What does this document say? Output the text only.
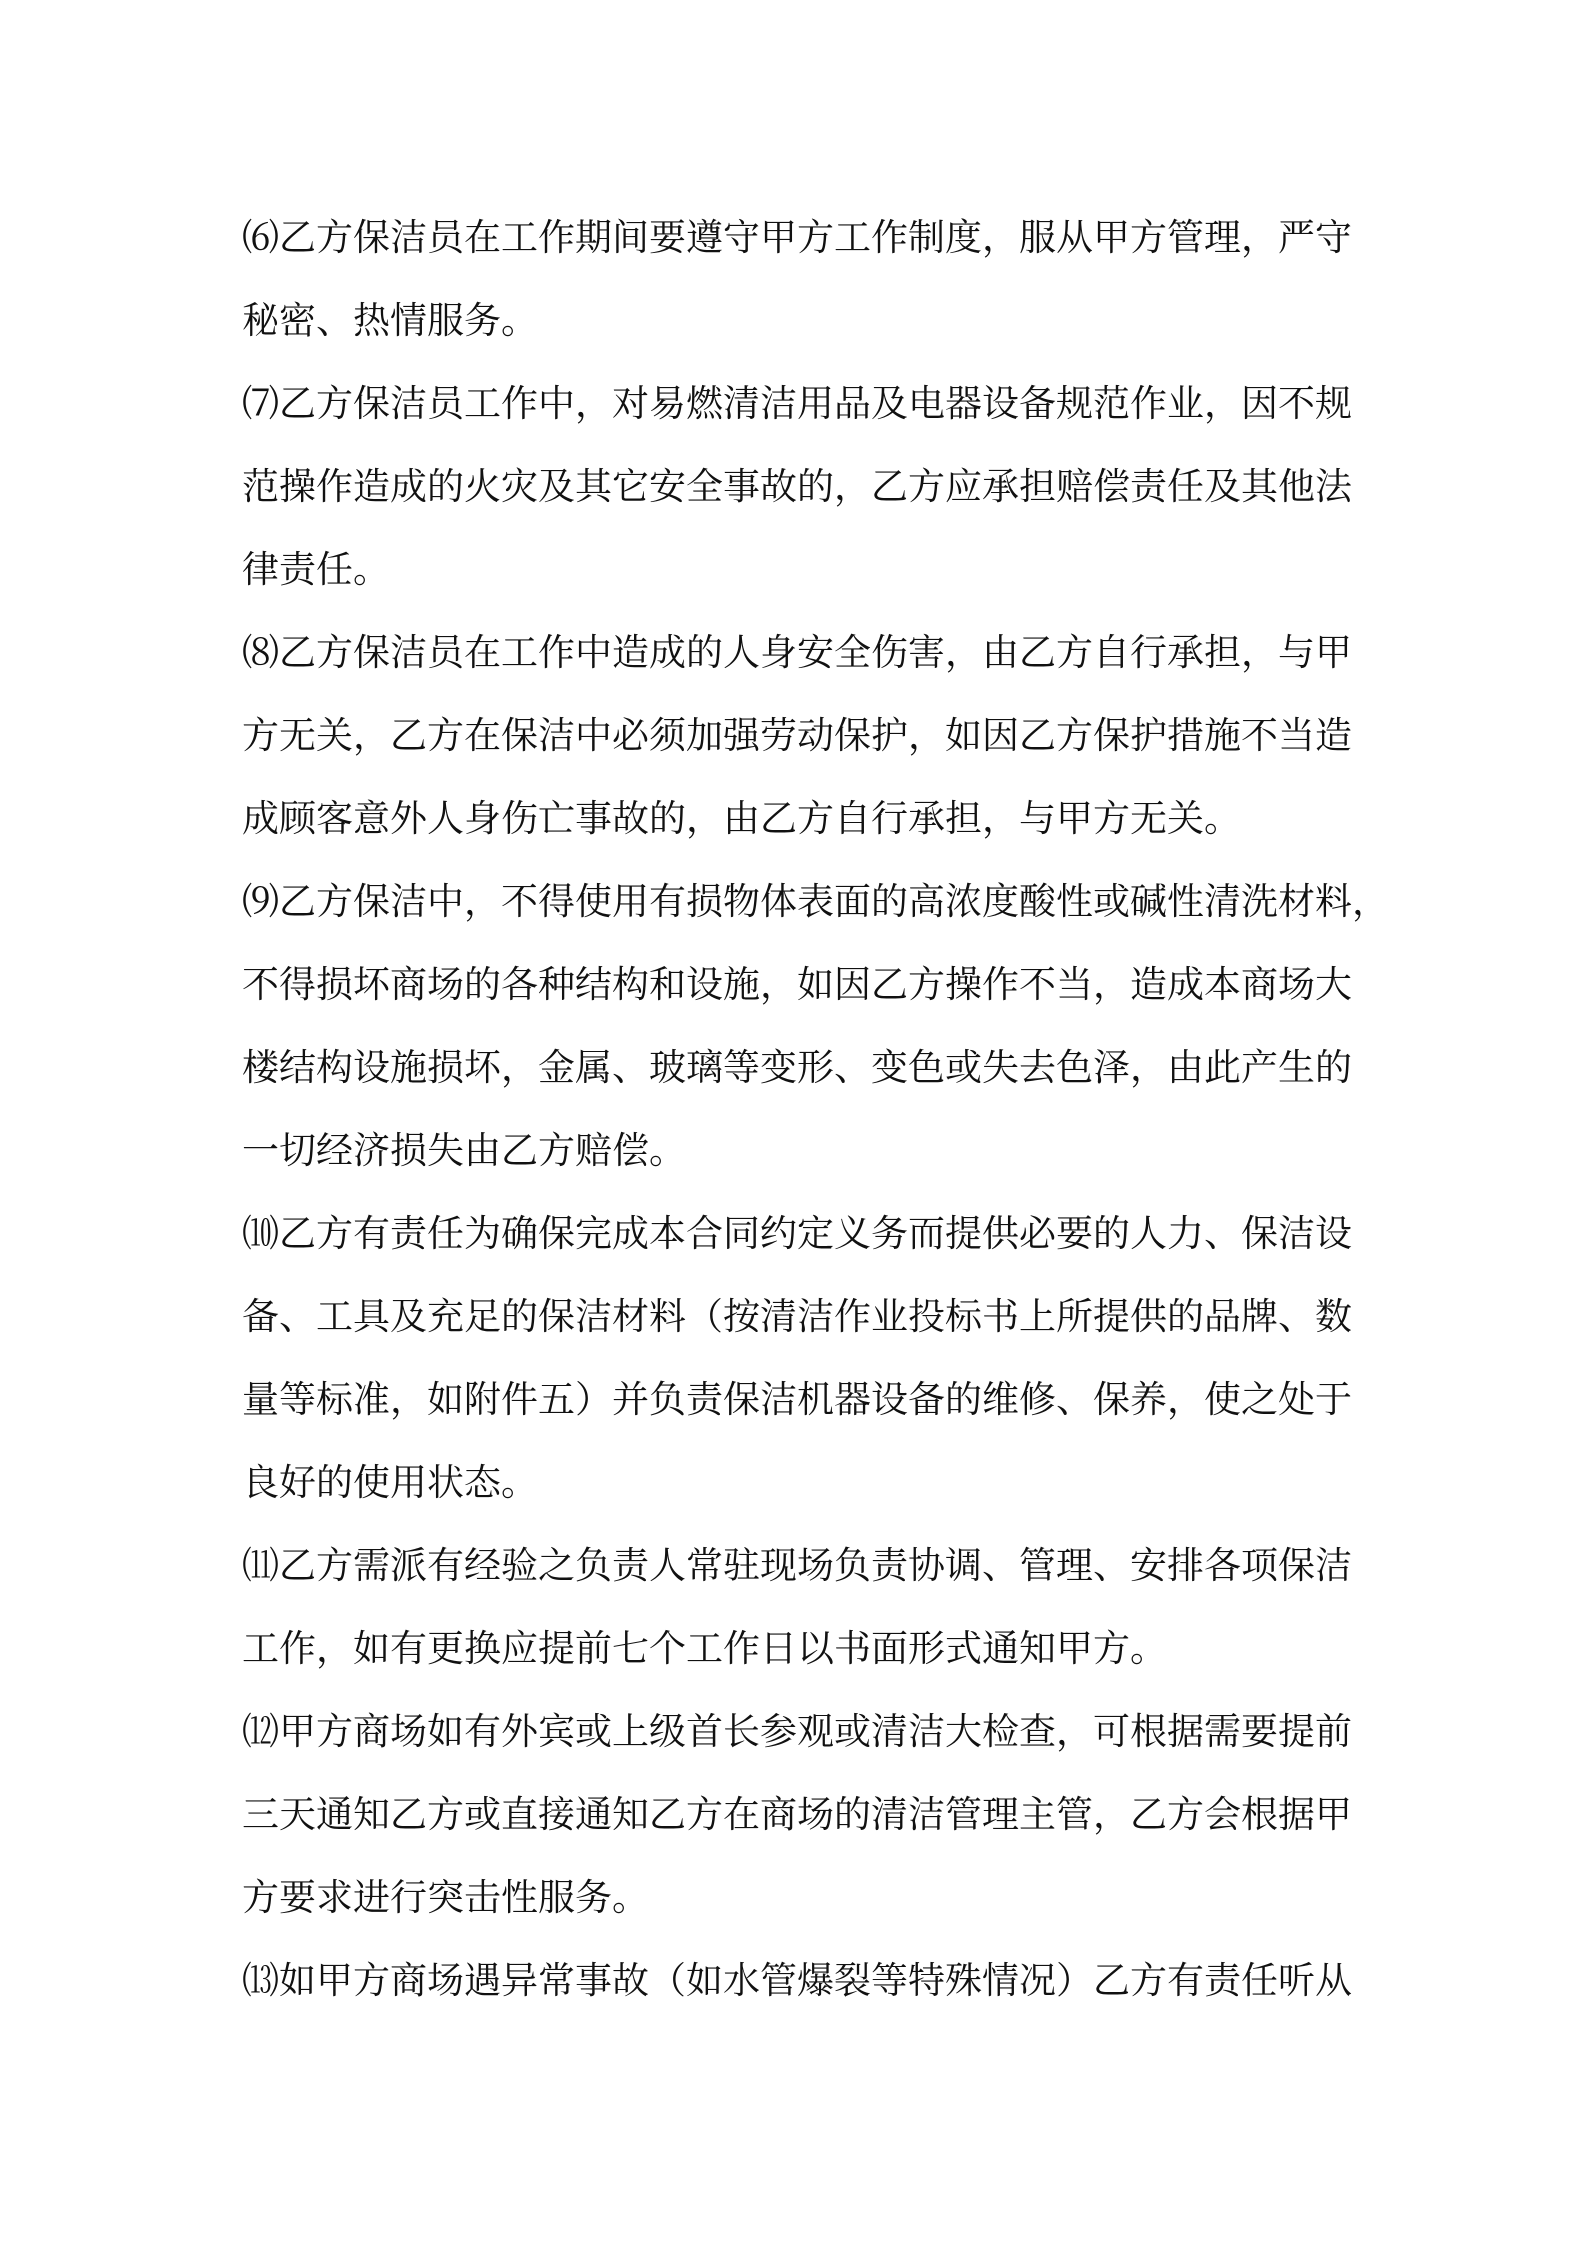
⑹乙方保洁员在工作期间要遵守甲方工作制度，服从甲方管理，严守
秘密、热情服务。
⑺乙方保洁员工作中，对易燃清洁用品及电器设备规范作业，因不规
范操作造成的火灾及其它安全事故的，乙方应承担赔偿责任及其他法
律责任。
⑻乙方保洁员在工作中造成的人身安全伤害，由乙方自行承担，与甲
方无关，乙方在保洁中必须加强劳动保护，如因乙方保护措施不当造
成顾客意外人身伤亡事故的，由乙方自行承担，与甲方无关。
⑼乙方保洁中，不得使用有损物体表面的高浓度酸性或碱性清洗材料，
不得损坏商场的各种结构和设施，如因乙方操作不当，造成本商场大
楼结构设施损坏，金属、玻璃等变形、变色或失去色泽，由此产生的
一切经济损失由乙方赔偿。
⑽乙方有责任为确保完成本合同约定义务而提供必要的人力、保洁设
备、工具及充足的保洁材料（按清洁作业投标书上所提供的品牌、数
量等标准，如附件五）并负责保洁机器设备的维修、保养，使之处于
良好的使用状态。
⑾乙方需派有经验之负责人常驻现场负责协调、管理、安排各项保洁
工作，如有更换应提前七个工作日以书面形式通知甲方。
⑿甲方商场如有外宾或上级首长参观或清洁大检查，可根据需要提前
三天通知乙方或直接通知乙方在商场的清洁管理主管，乙方会根据甲
方要求进行突击性服务。
⒀如甲方商场遇异常事故（如水管爆裂等特殊情况）乙方有责任听从
